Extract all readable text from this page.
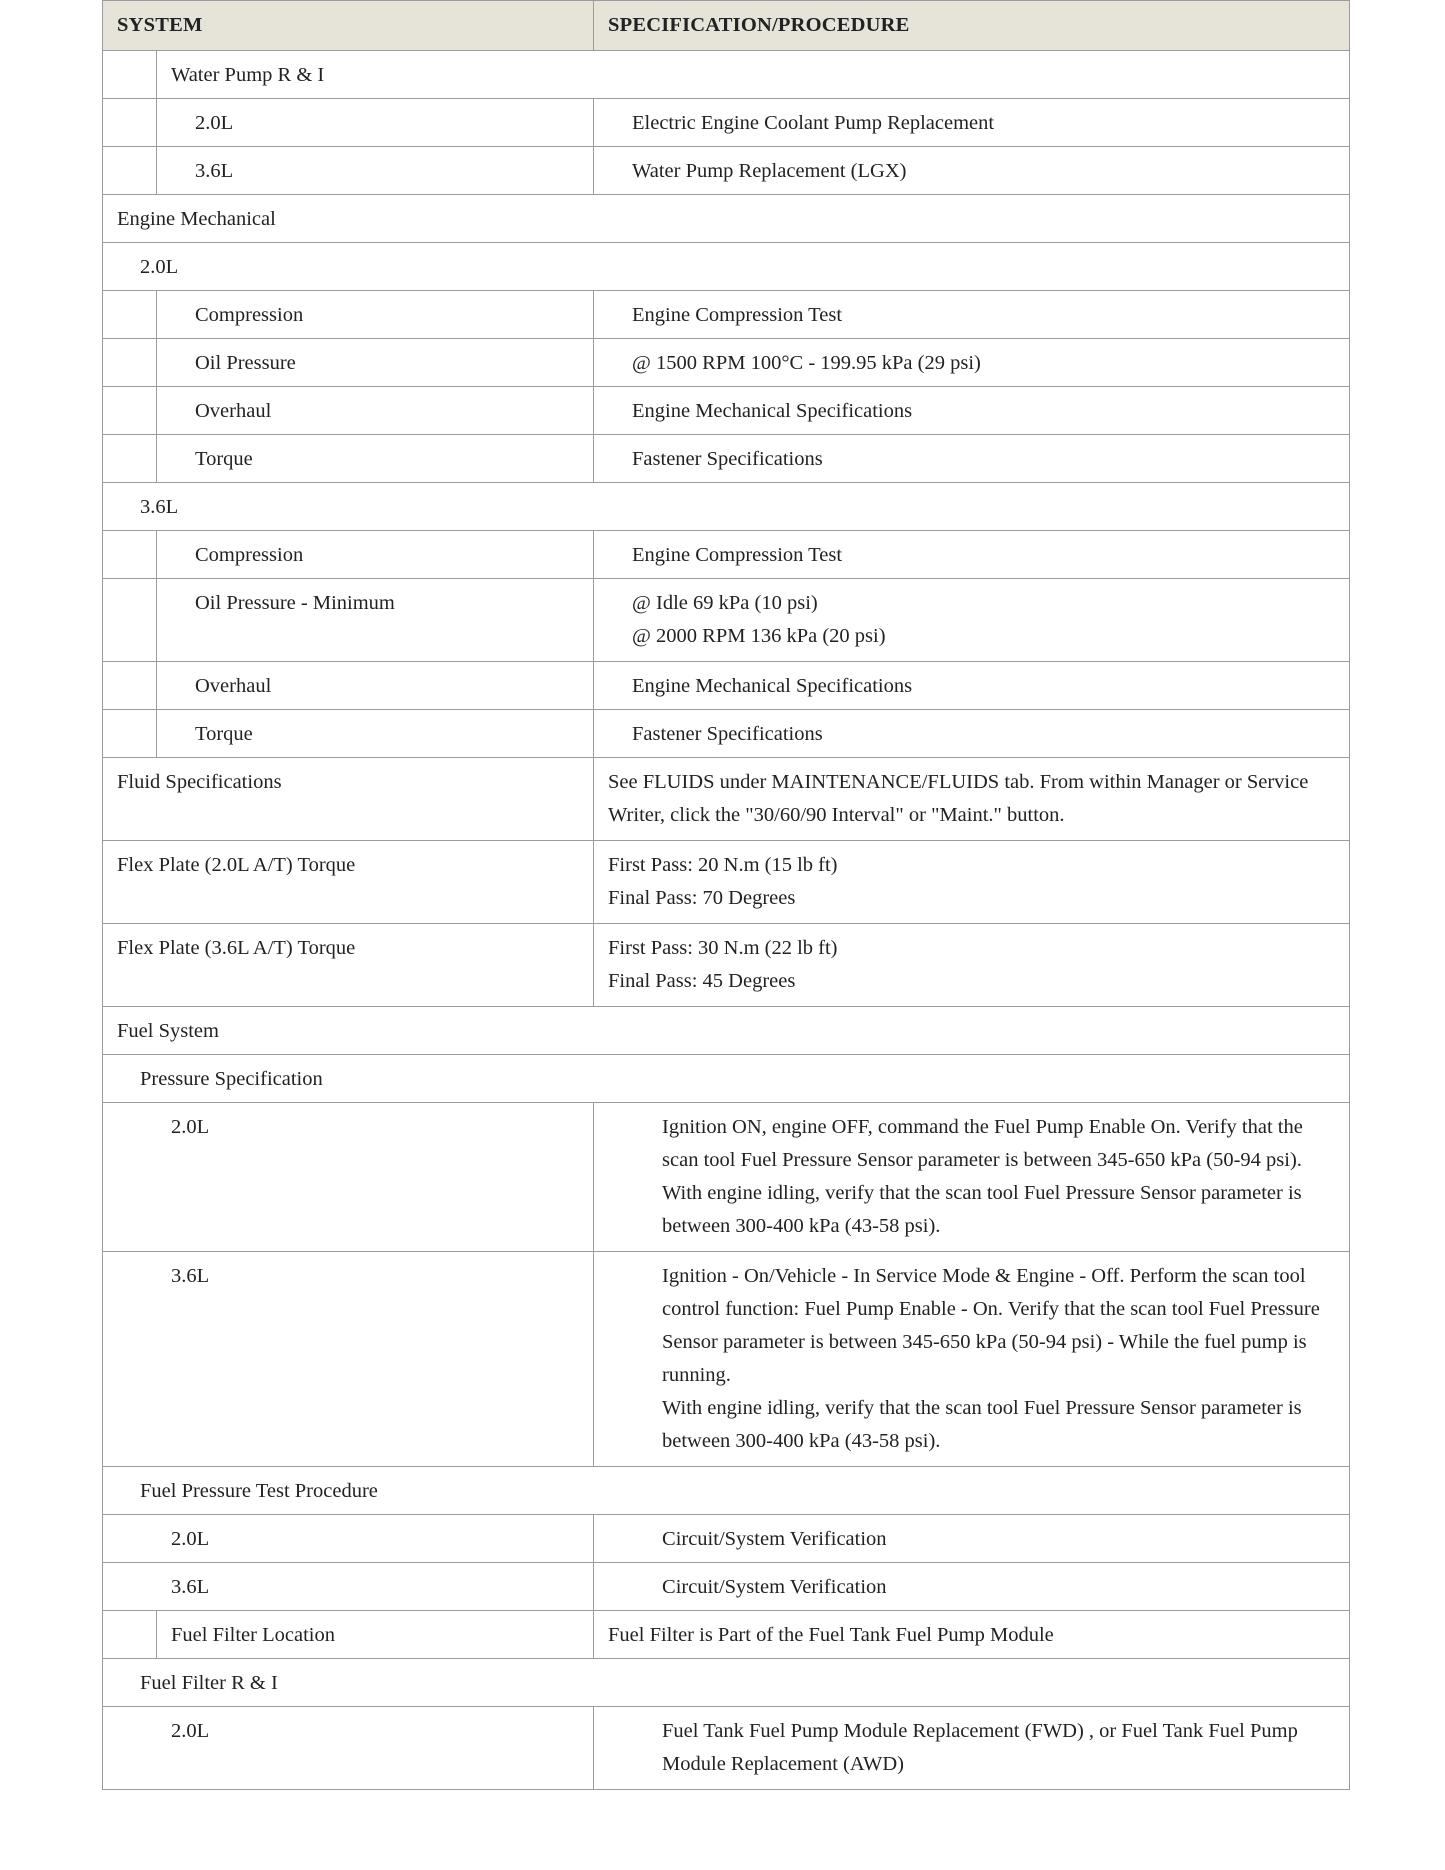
SYSTEM		SPECIFICATION/PROCEDURE
	Water Pump R & I	
	2.0L	Electric Engine Coolant Pump Replacement
	3.6L	Water Pump Replacement (LGX)
Engine Mechanical		
2.0L		
	Compression	Engine Compression Test
	Oil Pressure	@ 1500 RPM 100°C - 199.95 kPa (29 psi)
	Overhaul	Engine Mechanical Specifications
	Torque	Fastener Specifications
3.6L		
	Compression	Engine Compression Test
	Oil Pressure - Minimum	@ Idle 69 kPa (10 psi)
@ 2000 RPM 136 kPa (20 psi)

	Overhaul	Engine Mechanical Specifications
	Torque	Fastener Specifications
Fluid Specifications		See FLUIDS under MAINTENANCE/FLUIDS tab. From within Manager or Service Writer, click the "30/60/90 Interval" or "Maint." button.
Flex Plate (2.0L A/T) Torque		First Pass: 20 N.m (15 lb ft)
Final Pass: 70 Degrees

Flex Plate (3.6L A/T) Torque		First Pass: 30 N.m (22 lb ft)
Final Pass: 45 Degrees

Fuel System		
Pressure Specification		
2.0L		Ignition ON, engine OFF, command the Fuel Pump Enable On. Verify that the scan tool Fuel Pressure Sensor parameter is between 345-650 kPa (50-94 psi). With engine idling, verify that the scan tool Fuel Pressure Sensor parameter is between 300-400 kPa (43-58 psi).
3.6L		Ignition - On/Vehicle - In Service Mode & Engine - Off. Perform the scan tool control function: Fuel Pump Enable - On. Verify that the scan tool Fuel Pressure Sensor parameter is between 345-650 kPa (50-94 psi) - While the fuel pump is running.
With engine idling, verify that the scan tool Fuel Pressure Sensor parameter is between 300-400 kPa (43-58 psi).

Fuel Pressure Test Procedure		
2.0L		Circuit/System Verification
3.6L		Circuit/System Verification
	Fuel Filter Location	Fuel Filter is Part of the Fuel Tank Fuel Pump Module
Fuel Filter R & I		
2.0L		Fuel Tank Fuel Pump Module Replacement (FWD) , or Fuel Tank Fuel Pump Module Replacement (AWD)
